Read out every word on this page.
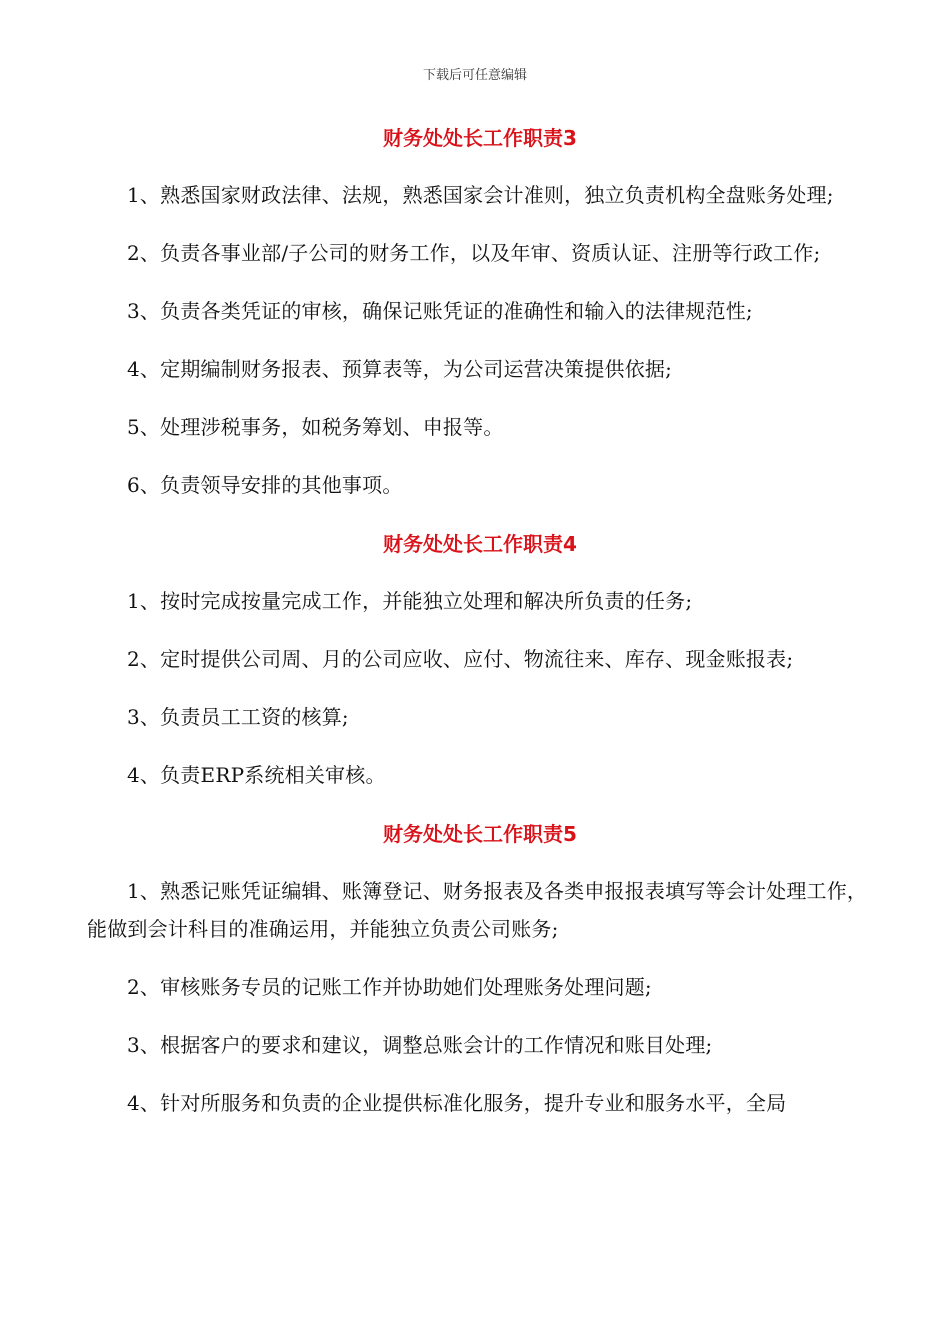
下载后可任意编辑
财务处处长工作职责3

1、熟悉国家财政法律、法规，熟悉国家会计准则，独立负责机构全盘账务处理;

2、负责各事业部/子公司的财务工作，以及年审、资质认证、注册等行政工作;

3、负责各类凭证的审核，确保记账凭证的准确性和输入的法律规范性;

4、定期编制财务报表、预算表等，为公司运营决策提供依据;

5、处理涉税事务，如税务筹划、申报等。

6、负责领导安排的其他事项。

财务处处长工作职责4

1、按时完成按量完成工作，并能独立处理和解决所负责的任务;

2、定时提供公司周、月的公司应收、应付、物流往来、库存、现金账报表;

3、负责员工工资的核算;

4、负责ERP系统相关审核。

财务处处长工作职责5

1、熟悉记账凭证编辑、账簿登记、财务报表及各类申报报表填写等会计处理工作，能做到会计科目的准确运用，并能独立负责公司账务;

2、审核账务专员的记账工作并协助她们处理账务处理问题;

3、根据客户的要求和建议，调整总账会计的工作情况和账目处理;

4、针对所服务和负责的企业提供标准化服务，提升专业和服务水平，全局
